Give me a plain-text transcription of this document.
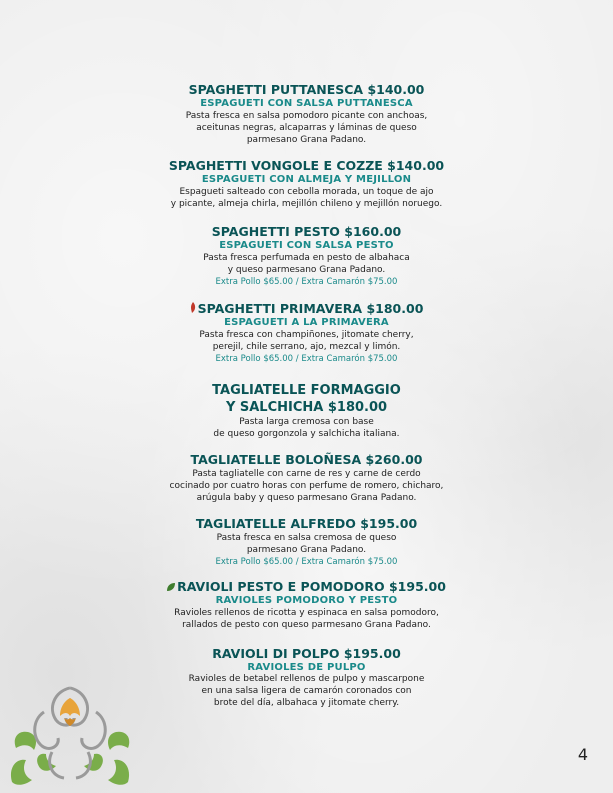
SPAGHETTI PUTTANESCA $140.00
ESPAGUETI CON SALSA PUTTANESCA
Pasta fresca en salsa pomodoro picante con anchoas,
aceitunas negras, alcaparras y láminas de queso
parmesano Grana Padano.
SPAGHETTI VONGOLE E COZZE $140.00
ESPAGUETI CON ALMEJA Y MEJILLON
Espagueti salteado con cebolla morada, un toque de ajo
y picante, almeja chirla, mejillón chileno y mejillón noruego.
SPAGHETTI PESTO $160.00
ESPAGUETI CON SALSA PESTO
Pasta fresca perfumada en pesto de albahaca
y queso parmesano Grana Padano.
Extra Pollo $65.00 / Extra Camarón $75.00
SPAGHETTI PRIMAVERA $180.00
ESPAGUETI A LA PRIMAVERA
Pasta fresca con champiñones, jitomate cherry,
perejil, chile serrano, ajo, mezcal y limón.
Extra Pollo $65.00 / Extra Camarón $75.00
TAGLIATELLE FORMAGGIO
Y SALCHICHA $180.00
Pasta larga cremosa con base
de queso gorgonzola y salchicha italiana.
TAGLIATELLE BOLOÑESA $260.00
Pasta tagliatelle con carne de res y carne de cerdo
cocinado por cuatro horas con perfume de romero, chicharo,
arúgula baby y queso parmesano Grana Padano.
TAGLIATELLE ALFREDO $195.00
Pasta fresca en salsa cremosa de queso
parmesano Grana Padano.
Extra Pollo $65.00 / Extra Camarón $75.00
RAVIOLI PESTO E POMODORO $195.00
RAVIOLES POMODORO Y PESTO
Ravioles rellenos de ricotta y espinaca en salsa pomodoro,
rallados de pesto con queso parmesano Grana Padano.
RAVIOLI DI POLPO $195.00
RAVIOLES DE PULPO
Ravioles de betabel rellenos de pulpo y mascarpone
en una salsa ligera de camarón coronados con
brote del día, albahaca y jitomate cherry.
4
